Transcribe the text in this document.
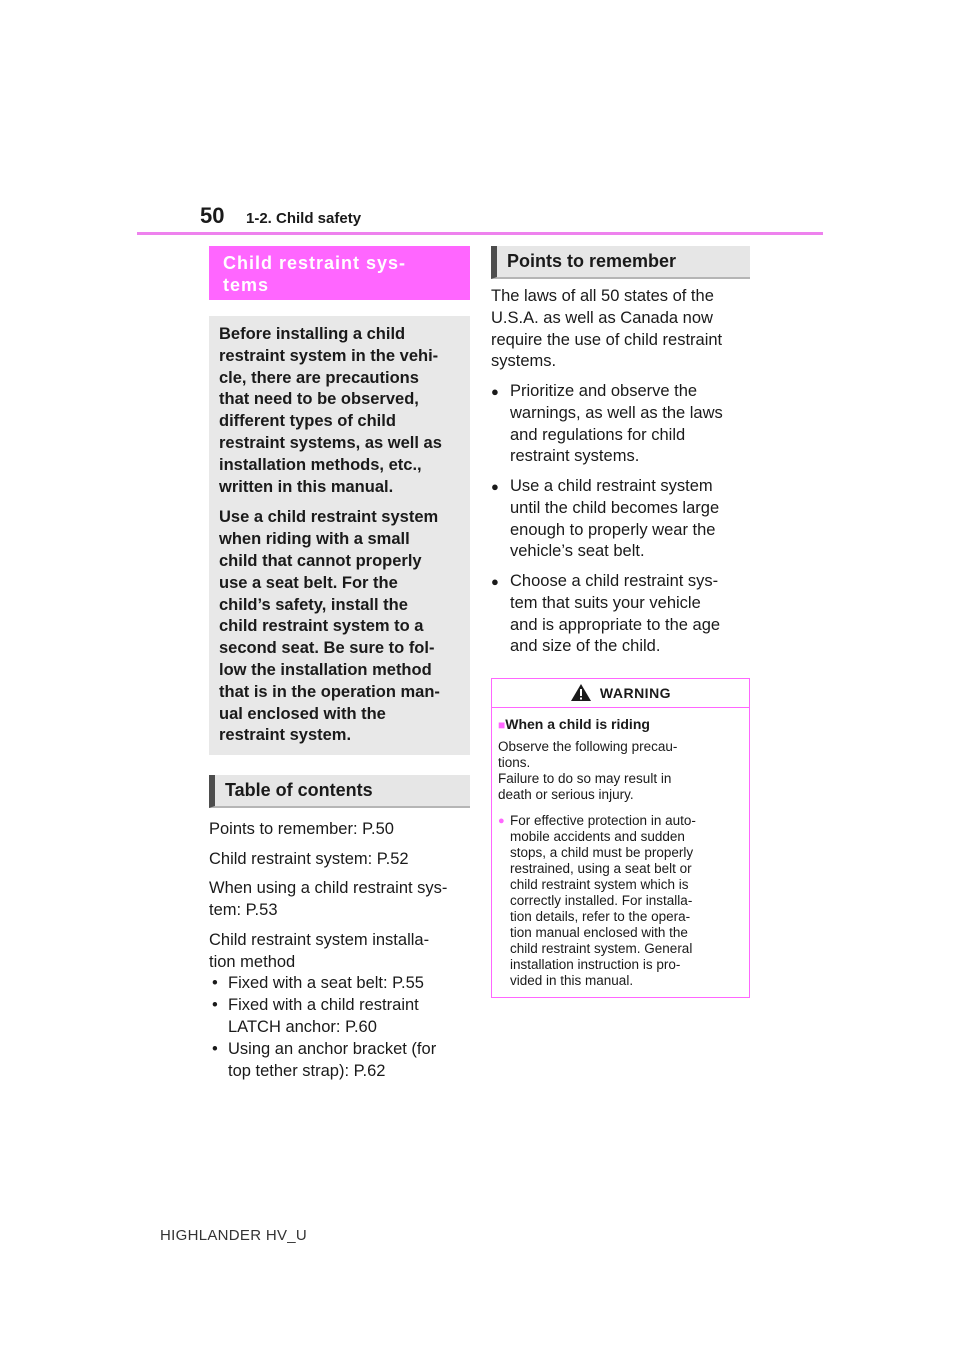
50 1-2. Child safety
Child restraint sys-
tems

Before installing a child
restraint system in the vehi-
cle, there are precautions
that need to be observed,
different types of child
restraint systems, as well as
installation methods, etc.,
written in this manual.

Use a child restraint system
when riding with a small
child that cannot properly
use a seat belt. For the
child’s safety, install the
child restraint system to a
second seat. Be sure to fol-
low the installation method
that is in the operation man-
ual enclosed with the
restraint system.

Table of contents
Points to remember: P.50
Child restraint system: P.52
When using a child restraint sys-
tem: P.53
Child restraint system installa-
tion method
• Fixed with a seat belt: P.55
• Fixed with a child restraint
LATCH anchor: P.60
• Using an anchor bracket (for
top tether strap): P.62
Points to remember
The laws of all 50 states of the
U.S.A. as well as Canada now
require the use of child restraint
systems.
● Prioritize and observe the
warnings, as well as the laws
and regulations for child
restraint systems.
● Use a child restraint system
until the child becomes large
enough to properly wear the
vehicle’s seat belt.
● Choose a child restraint sys-
tem that suits your vehicle
and is appropriate to the age
and size of the child.
WARNING
■When a child is riding
Observe the following precau-
tions.
Failure to do so may result in
death or serious injury.
● For effective protection in auto-
mobile accidents and sudden
stops, a child must be properly
restrained, using a seat belt or
child restraint system which is
correctly installed. For installa-
tion details, refer to the opera-
tion manual enclosed with the
child restraint system. General
installation instruction is pro-
vided in this manual.
HIGHLANDER HV_U
